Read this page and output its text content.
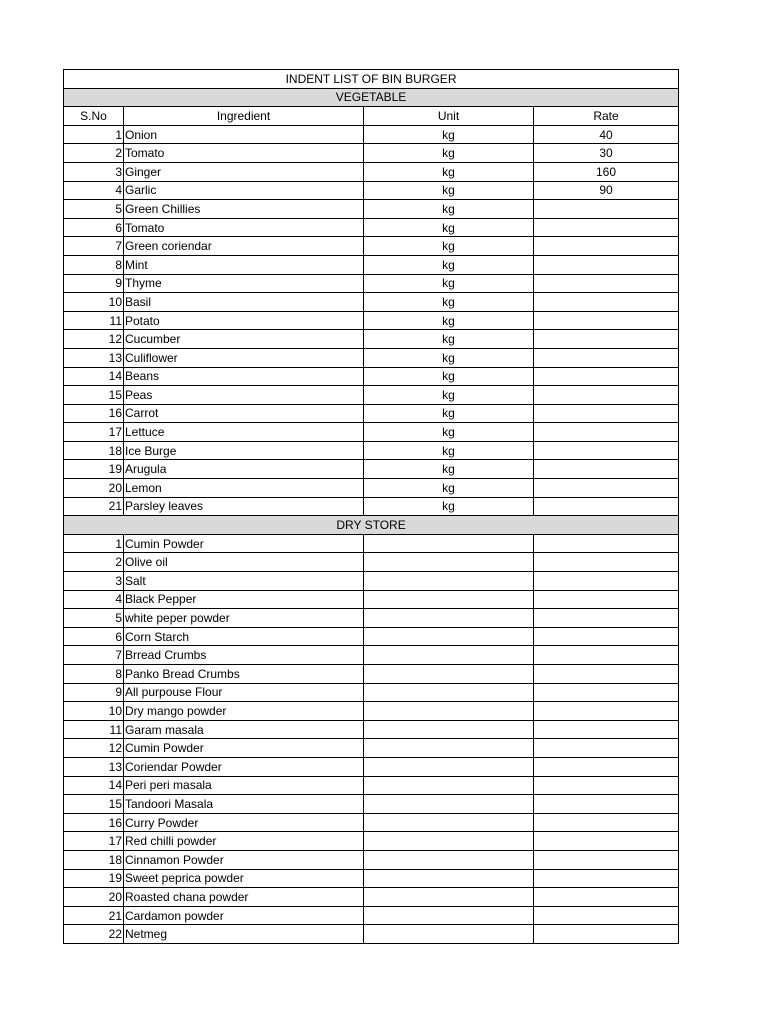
INDENT LIST OF BIN BURGER			
VEGETABLE			
S.No	Ingredient	Unit	Rate
1	Onion	kg	40
2	Tomato	kg	30
3	Ginger	kg	160
4	Garlic	kg	90
5	Green Chillies	kg	
6	Tomato	kg	
7	Green coriendar	kg	
8	Mint	kg	
9	Thyme	kg	
10	Basil	kg	
11	Potato	kg	
12	Cucumber	kg	
13	Culiflower	kg	
14	Beans	kg	
15	Peas	kg	
16	Carrot	kg	
17	Lettuce	kg	
18	Ice Burge	kg	
19	Arugula	kg	
20	Lemon	kg	
21	Parsley leaves	kg	
DRY STORE			
1	Cumin Powder		
2	Olive oil		
3	Salt		
4	Black Pepper		
5	white peper powder		
6	Corn Starch		
7	Brread Crumbs		
8	Panko Bread Crumbs		
9	All purpouse Flour		
10	Dry mango powder		
11	Garam masala		
12	Cumin Powder		
13	Coriendar Powder		
14	Peri peri masala		
15	Tandoori Masala		
16	Curry Powder		
17	Red chilli powder		
18	Cinnamon Powder		
19	Sweet peprica powder		
20	Roasted chana powder		
21	Cardamon powder		
22	Netmeg		
